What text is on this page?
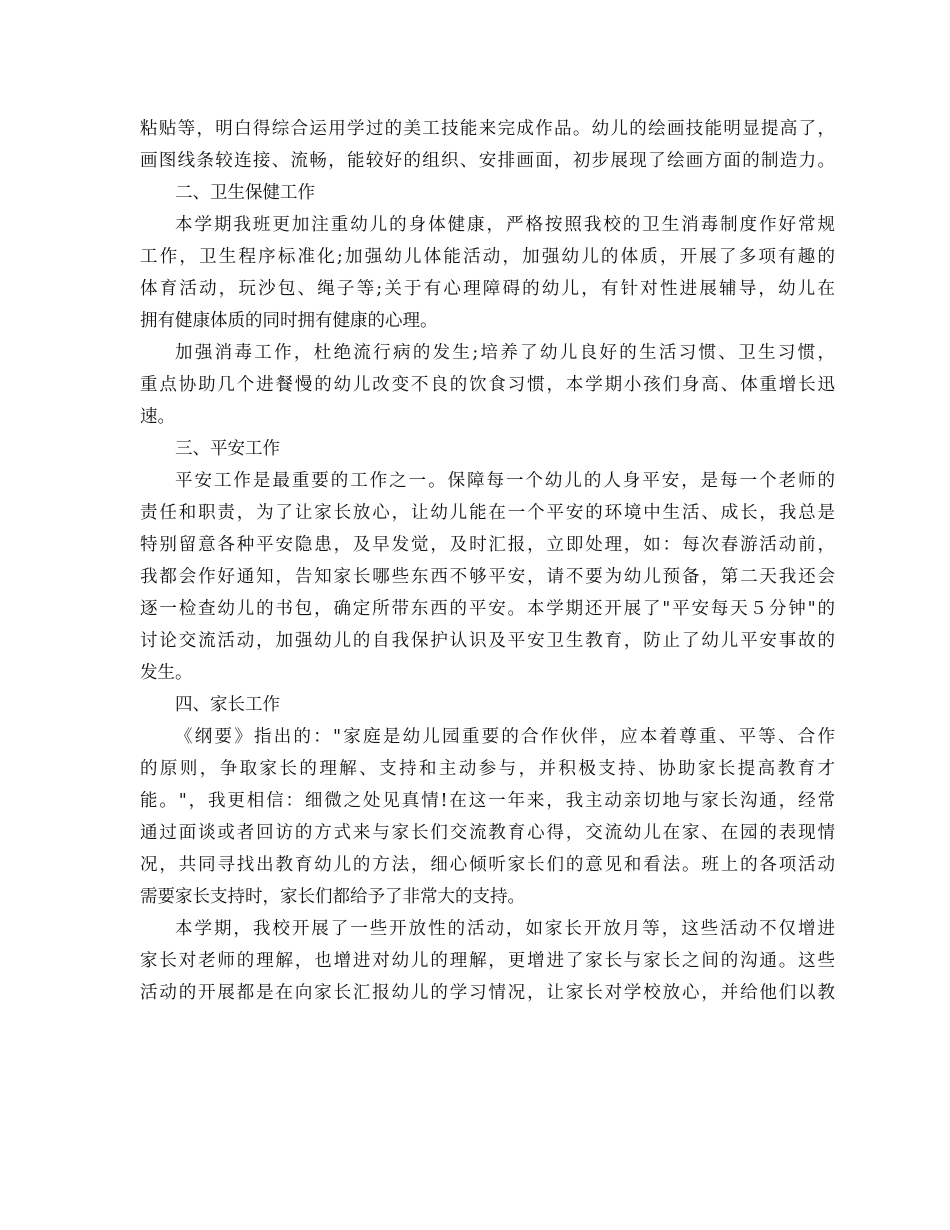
粘贴等，明白得综合运用学过的美工技能来完成作品。幼儿的绘画技能明显提高了，
画图线条较连接、流畅，能较好的组织、安排画面，初步展现了绘画方面的制造力。
二、卫生保健工作
本学期我班更加注重幼儿的身体健康，严格按照我校的卫生消毒制度作好常规
工作，卫生程序标准化;加强幼儿体能活动，加强幼儿的体质，开展了多项有趣的
体育活动，玩沙包、绳子等;关于有心理障碍的幼儿，有针对性进展辅导，幼儿在
拥有健康体质的同时拥有健康的心理。
加强消毒工作，杜绝流行病的发生;培养了幼儿良好的生活习惯、卫生习惯，
重点协助几个进餐慢的幼儿改变不良的饮食习惯，本学期小孩们身高、体重增长迅
速。
三、平安工作
平安工作是最重要的工作之一。保障每一个幼儿的人身平安，是每一个老师的
责任和职责，为了让家长放心，让幼儿能在一个平安的环境中生活、成长，我总是
特别留意各种平安隐患，及早发觉，及时汇报，立即处理，如：每次春游活动前，
我都会作好通知，告知家长哪些东西不够平安，请不要为幼儿预备，第二天我还会
逐一检查幼儿的书包，确定所带东西的平安。本学期还开展了"平安每天５分钟"的
讨论交流活动，加强幼儿的自我保护认识及平安卫生教育，防止了幼儿平安事故的
发生。
四、家长工作
《纲要》指出的："家庭是幼儿园重要的合作伙伴，应本着尊重、平等、合作
的原则，争取家长的理解、支持和主动参与，并积极支持、协助家长提高教育才
能。"，我更相信：细微之处见真情!在这一年来，我主动亲切地与家长沟通，经常
通过面谈或者回访的方式来与家长们交流教育心得，交流幼儿在家、在园的表现情
况，共同寻找出教育幼儿的方法，细心倾听家长们的意见和看法。班上的各项活动
需要家长支持时，家长们都给予了非常大的支持。
本学期，我校开展了一些开放性的活动，如家长开放月等，这些活动不仅增进
家长对老师的理解，也增进对幼儿的理解，更增进了家长与家长之间的沟通。这些
活动的开展都是在向家长汇报幼儿的学习情况，让家长对学校放心，并给他们以教
